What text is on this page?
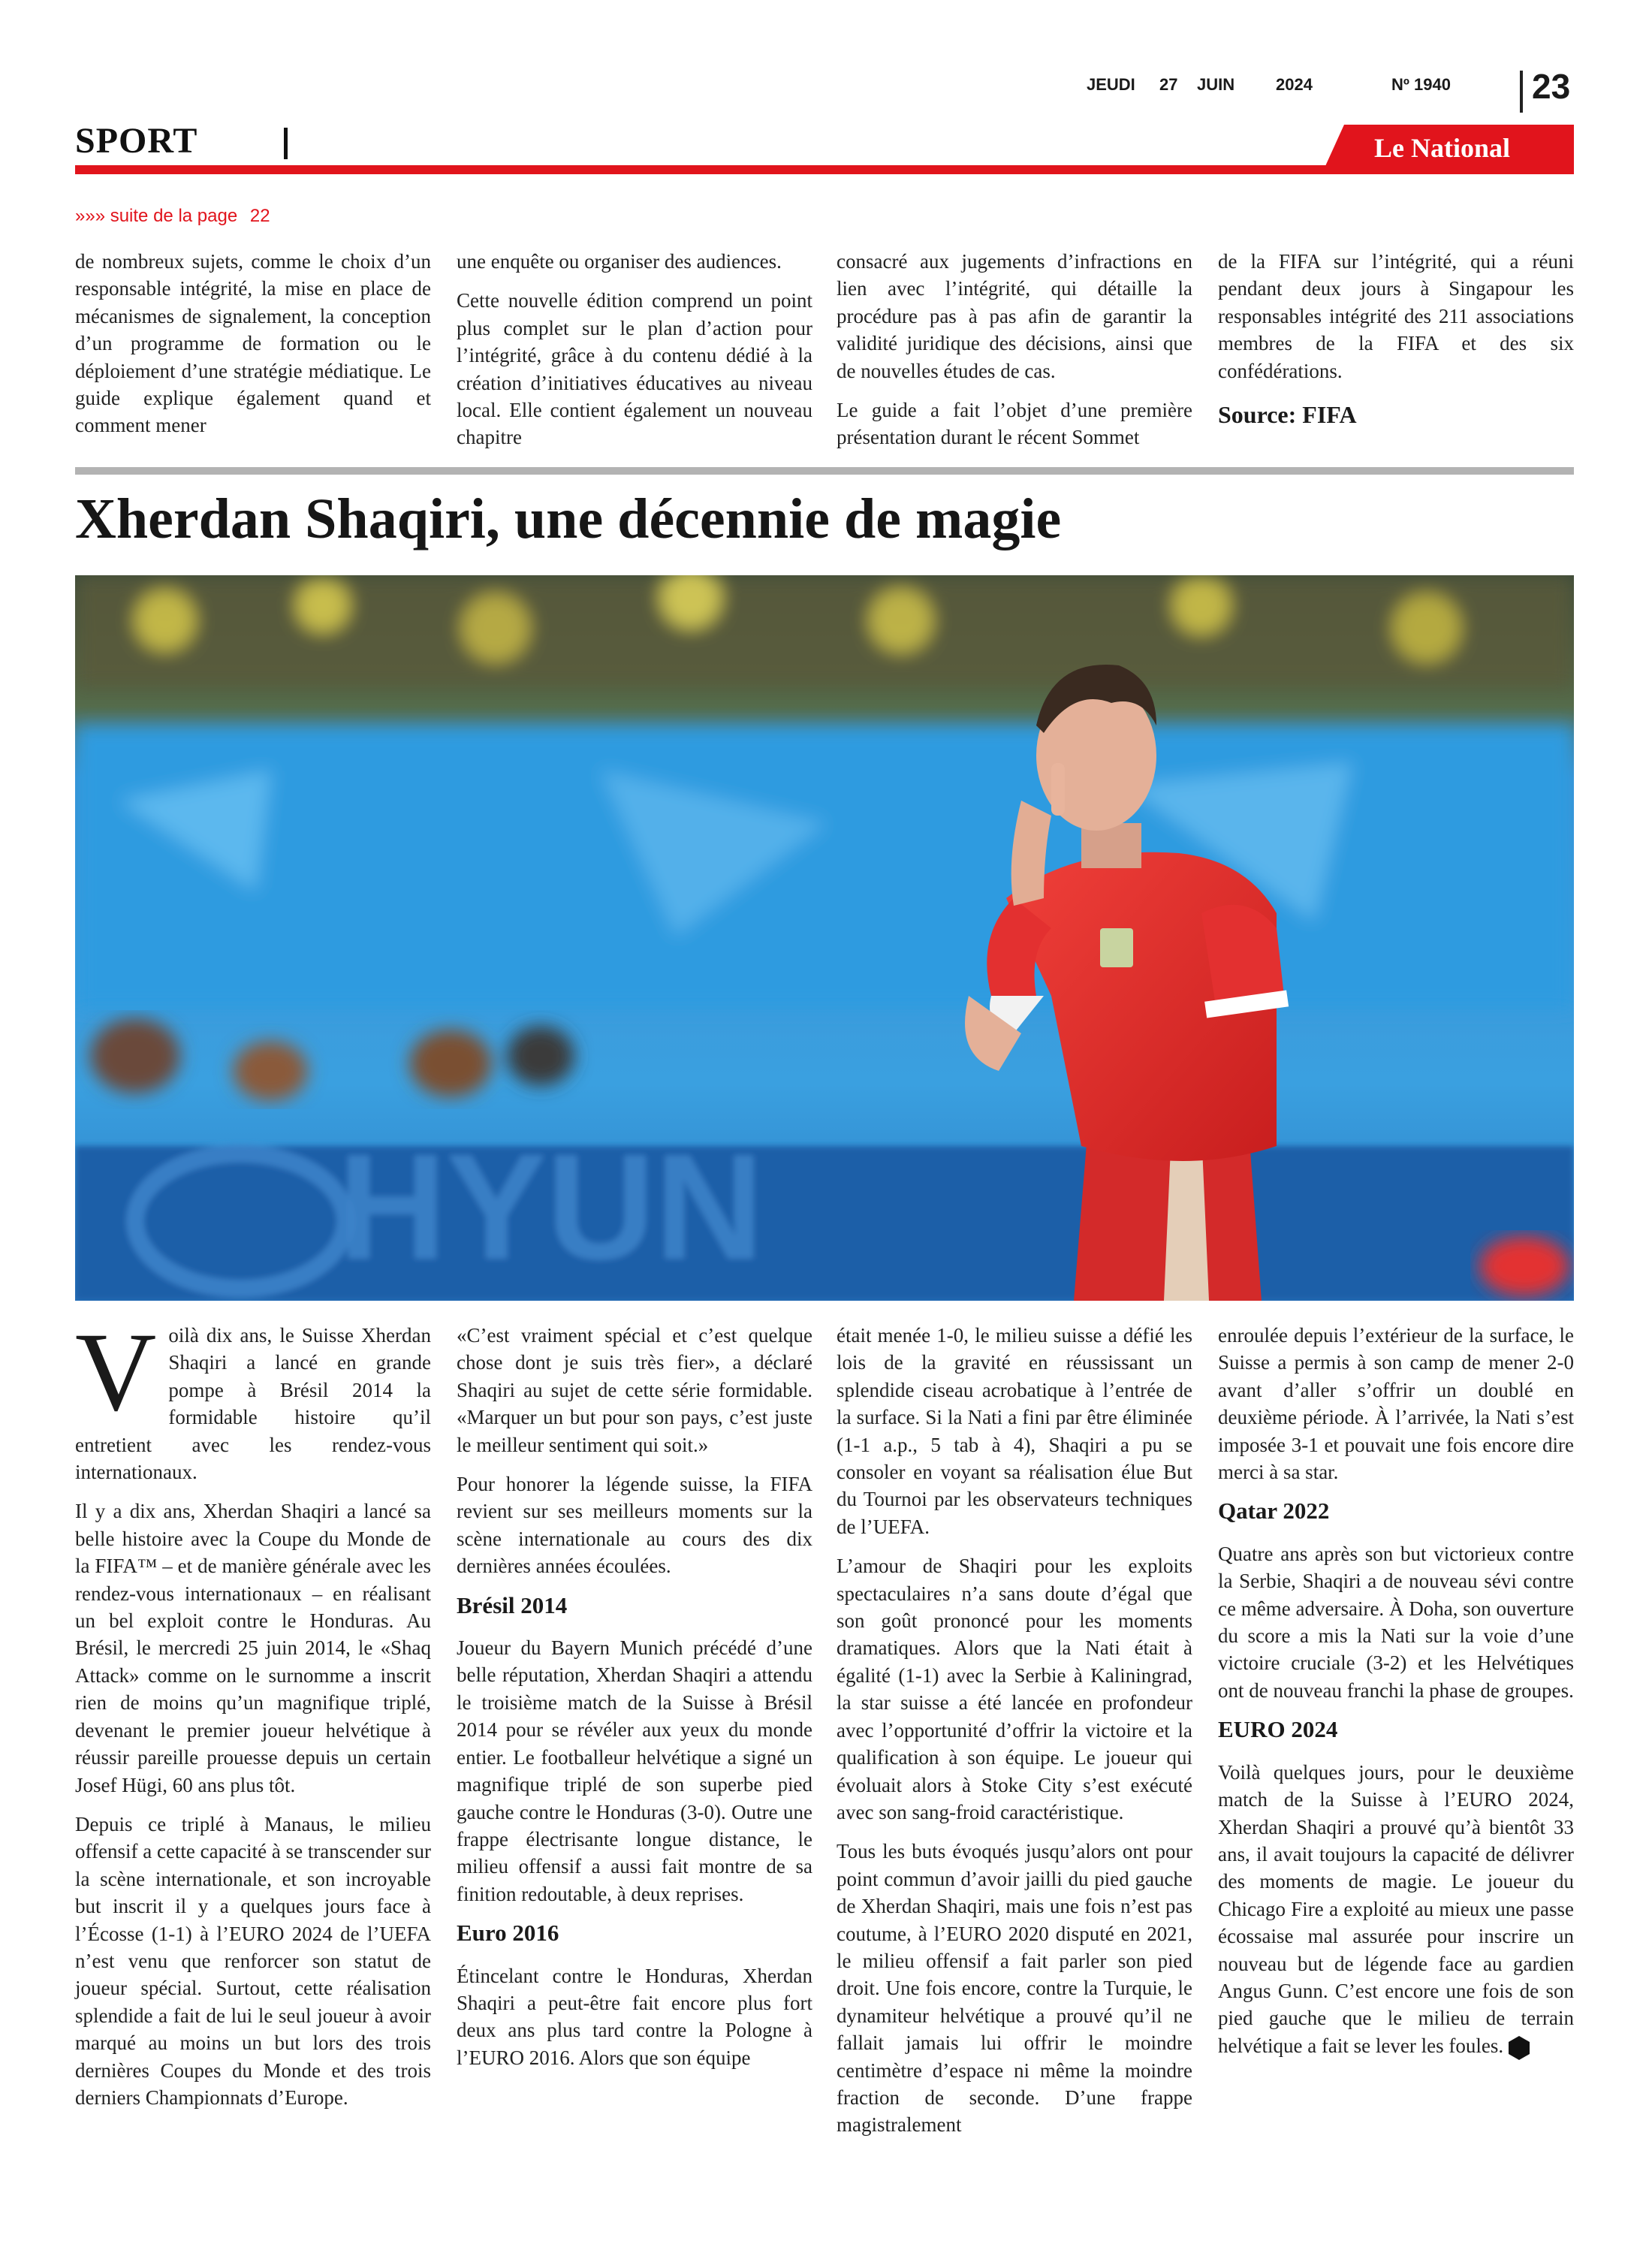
JEUDI 27 JUIN 2024	Nº 1940 23
SPORT	Le National
»»» suite de la page 22

de nombreux sujets, comme le choix d’un responsable intégrité, la mise en place de mécanismes de signalement, la conception d’un programme de formation ou le déploiement d’une stratégie médiatique. Le guide explique également quand et comment mener

une enquête ou organiser des audiences.

Cette nouvelle édition comprend un point plus complet sur le plan d’action pour l’intégrité, grâce à du contenu dédié à la création d’initiatives éducatives au niveau local. Elle contient également un nouveau chapitre

consacré aux jugements d’infractions en lien avec l’intégrité, qui détaille la procédure pas à pas afin de garantir la validité juridique des décisions, ainsi que de nouvelles études de cas.

Le guide a fait l’objet d’une première présentation durant le récent Sommet

de la FIFA sur l’intégrité, qui a réuni pendant deux jours à Singapour les responsables intégrité des 211 associations membres de la FIFA et des six confédérations.

Source: FIFA

Xherdan Shaqiri, une décennie de magie
HYUN

Voilà dix ans, le Suisse Xherdan Shaqiri a lancé en grande pompe à Brésil 2014 la formidable histoire qu’il entretient avec les rendez-vous internationaux.

Il y a dix ans, Xherdan Shaqiri a lancé sa belle histoire avec la Coupe du Monde de la FIFA™ – et de manière générale avec les rendez-vous internationaux – en réalisant un bel exploit contre le Honduras. Au Brésil, le mercredi 25 juin 2014, le «Shaq Attack» comme on le surnomme a inscrit rien de moins qu’un magnifique triplé, devenant le premier joueur helvétique à réussir pareille prouesse depuis un certain Josef Hügi, 60 ans plus tôt.

Depuis ce triplé à Manaus, le milieu offensif a cette capacité à se transcender sur la scène internationale, et son incroyable but inscrit il y a quelques jours face à l’Écosse (1-1) à l’EURO 2024 de l’UEFA n’est venu que renforcer son statut de joueur spécial. Surtout, cette réalisation splendide a fait de lui le seul joueur à avoir marqué au moins un but lors des trois dernières Coupes du Monde et des trois derniers Championnats d’Europe.

«C’est vraiment spécial et c’est quelque chose dont je suis très fier», a déclaré Shaqiri au sujet de cette série formidable. «Marquer un but pour son pays, c’est juste le meilleur sentiment qui soit.»

Pour honorer la légende suisse, la FIFA revient sur ses meilleurs moments sur la scène internationale au cours des dix dernières années écoulées.

Brésil 2014

Joueur du Bayern Munich précédé d’une belle réputation, Xherdan Shaqiri a attendu le troisième match de la Suisse à Brésil 2014 pour se révéler aux yeux du monde entier. Le footballeur helvétique a signé un magnifique triplé de son superbe pied gauche contre le Honduras (3-0). Outre une frappe électrisante longue distance, le milieu offensif a aussi fait montre de sa finition redoutable, à deux reprises.

Euro 2016

Étincelant contre le Honduras, Xherdan Shaqiri a peut-être fait encore plus fort deux ans plus tard contre la Pologne à l’EURO 2016. Alors que son équipe

était menée 1-0, le milieu suisse a défié les lois de la gravité en réussissant un splendide ciseau acrobatique à l’entrée de la surface. Si la Nati a fini par être éliminée (1-1 a.p., 5 tab à 4), Shaqiri a pu se consoler en voyant sa réalisation élue But du Tournoi par les observateurs techniques de l’UEFA.

L’amour de Shaqiri pour les exploits spectaculaires n’a sans doute d’égal que son goût prononcé pour les moments dramatiques. Alors que la Nati était à égalité (1-1) avec la Serbie à Kaliningrad, la star suisse a été lancée en profondeur avec l’opportunité d’offrir la victoire et la qualification à son équipe. Le joueur qui évoluait alors à Stoke City s’est exécuté avec son sang-froid caractéristique.

Tous les buts évoqués jusqu’alors ont pour point commun d’avoir jailli du pied gauche de Xherdan Shaqiri, mais une fois n’est pas coutume, à l’EURO 2020 disputé en 2021, le milieu offensif a fait parler son pied droit. Une fois encore, contre la Turquie, le dynamiteur helvétique a prouvé qu’il ne fallait jamais lui offrir le moindre centimètre d’espace ni même la moindre fraction de seconde. D’une frappe magistralement

enroulée depuis l’extérieur de la surface, le Suisse a permis à son camp de mener 2-0 avant d’aller s’offrir un doublé en deuxième période. À l’arrivée, la Nati s’est imposée 3-1 et pouvait une fois encore dire merci à sa star.

Qatar 2022

Quatre ans après son but victorieux contre la Serbie, Shaqiri a de nouveau sévi contre ce même adversaire. À Doha, son ouverture du score a mis la Nati sur la voie d’une victoire cruciale (3-2) et les Helvétiques ont de nouveau franchi la phase de groupes.

EURO 2024

Voilà quelques jours, pour le deuxième match de la Suisse à l’EURO 2024, Xherdan Shaqiri a prouvé qu’à bientôt 33 ans, il avait toujours la capacité de délivrer des moments de magie. Le joueur du Chicago Fire a exploité au mieux une passe écossaise mal assurée pour inscrire un nouveau but de légende face au gardien Angus Gunn. C’est encore une fois de son pied gauche que le milieu de terrain helvétique a fait se lever les foules.
